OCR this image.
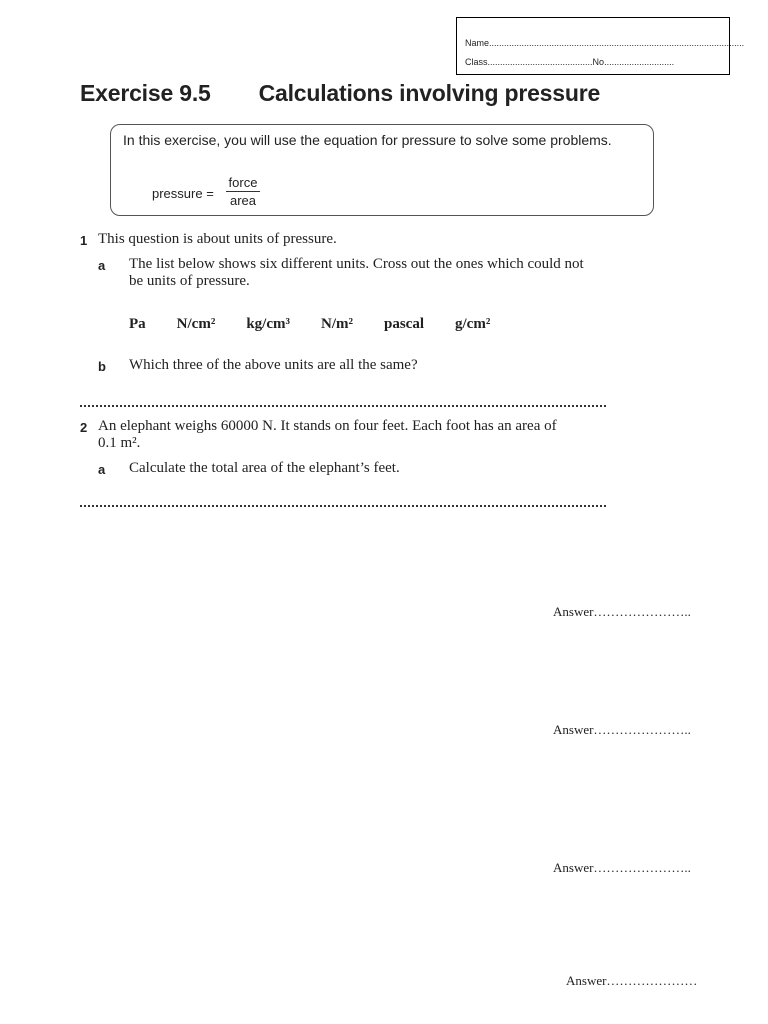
Name......................................................................................................
Class..........................................No............................
Exercise 9.5 Calculations involving pressure
In this exercise, you will use the equation for pressure to solve some problems.
pressure =
force
area
1 This question is about units of pressure.
a The list below shows six different units. Cross out the ones which could not
be units of pressure.
Pa N/cm² kg/cm³ N/m² pascal g/cm²
b Which three of the above units are all the same?
2 An elephant weighs 60000 N. It stands on four feet. Each foot has an area of
0.1 m².
a Calculate the total area of the elephant’s feet.
Answer…………………..
Answer…………………..
Answer…………………..
Answer…………………
